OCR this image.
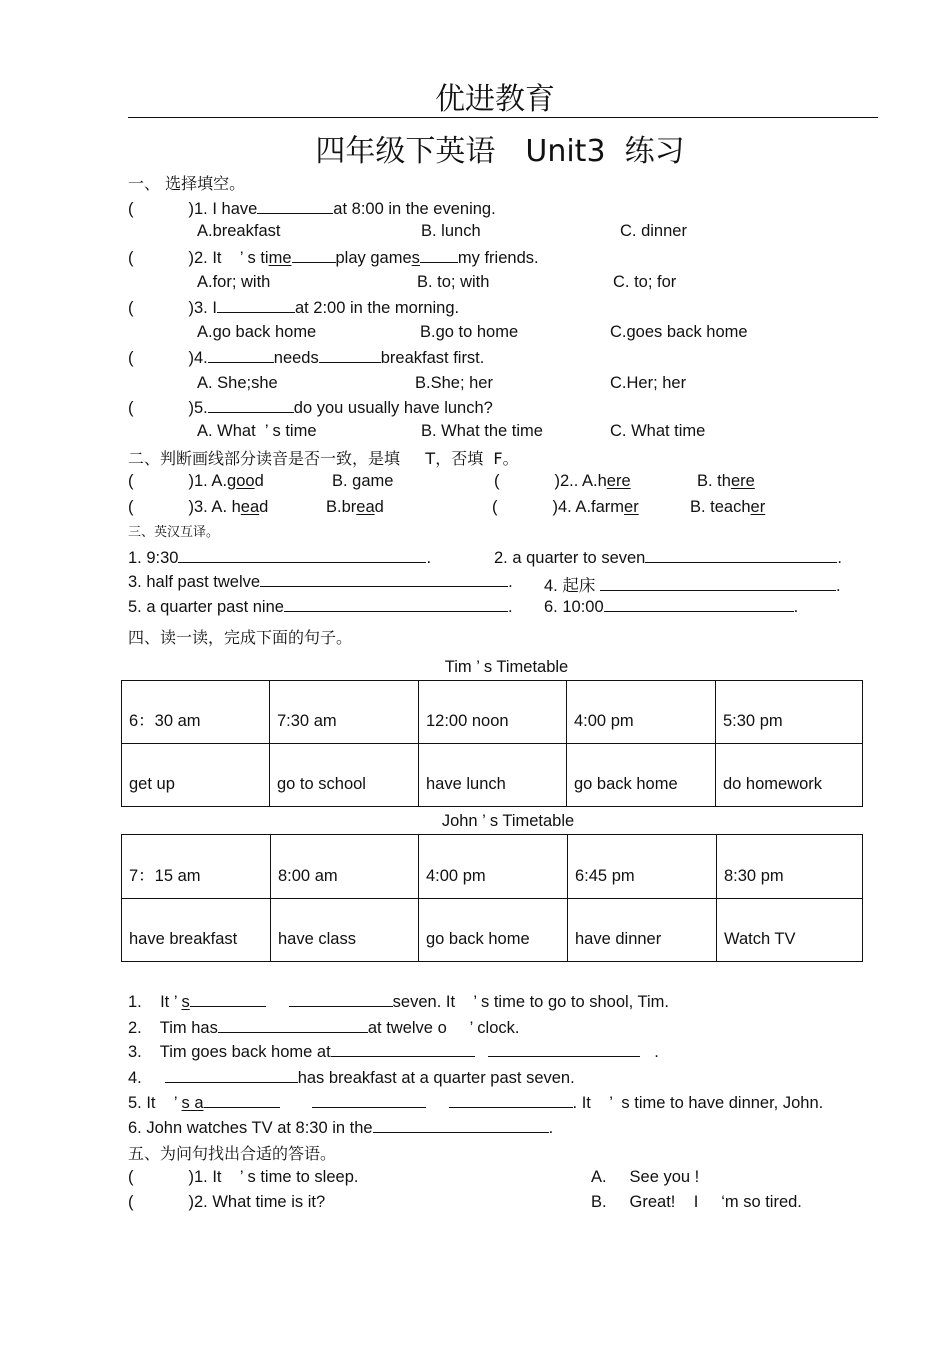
优进教育
四年级下英语　Unit3  练习
一、 选择填空。
(            )1. I have	at 8:00 in the evening.
A.breakfast	B. lunch	C. dinner
(            )2. It    ’ s time	play games my friends.
A.for; with	B. to; with	C. to; for
(            )3. I	at 2:00 in the morning.
A.go back home	B.go to home	C.goes back home
(            )4.	needs	breakfast first.
A. She;she	B.She; her	C.Her; her
(            )5.	do you usually have lunch?
A. What  ’ s time	B. What the time	C. What time
二、判断画线部分读音是否一致，是填     T，否填  F。
(            )1. A.good	B. game	(            )2.. A.here	B. there
(            )3. A. head	B.bread	(            )4. A.farmer	B. teacher
三、英汉互译。
1. 9:30	.	2. a quarter to seven	.
3. half past twelve	. 4. 起床	.
5. a quarter past nine	. 6. 10:00	.
四、读一读，完成下面的句子。
Tim ’ s Timetable
6：30 am	7:30 am	12:00 noon	4:00 pm	5:30 pm
get up	go to school	have lunch	go back home	do homework
John ’ s Timetable
7：15 am	8:00 am	4:00 pm	6:45 pm	8:30 pm
have breakfast	have class	go back home	have dinner	Watch TV
1.    It ’ s	seven. It    ’ s time to go to shool, Tim.
2.    Tim has	at twelve o     ’ clock.
3.    Tim goes back home at	.
4.	has breakfast at a quarter past seven.
5. It    ’ s a	. It    ’  s time to have dinner, John.
6. John watches TV at 8:30 in the	.
五、为问句找出合适的答语。
(            )1. It    ’ s time to sleep.	A.     See you !
(            )2. What time is it?	B.     Great!    I     ‘m so tired.
